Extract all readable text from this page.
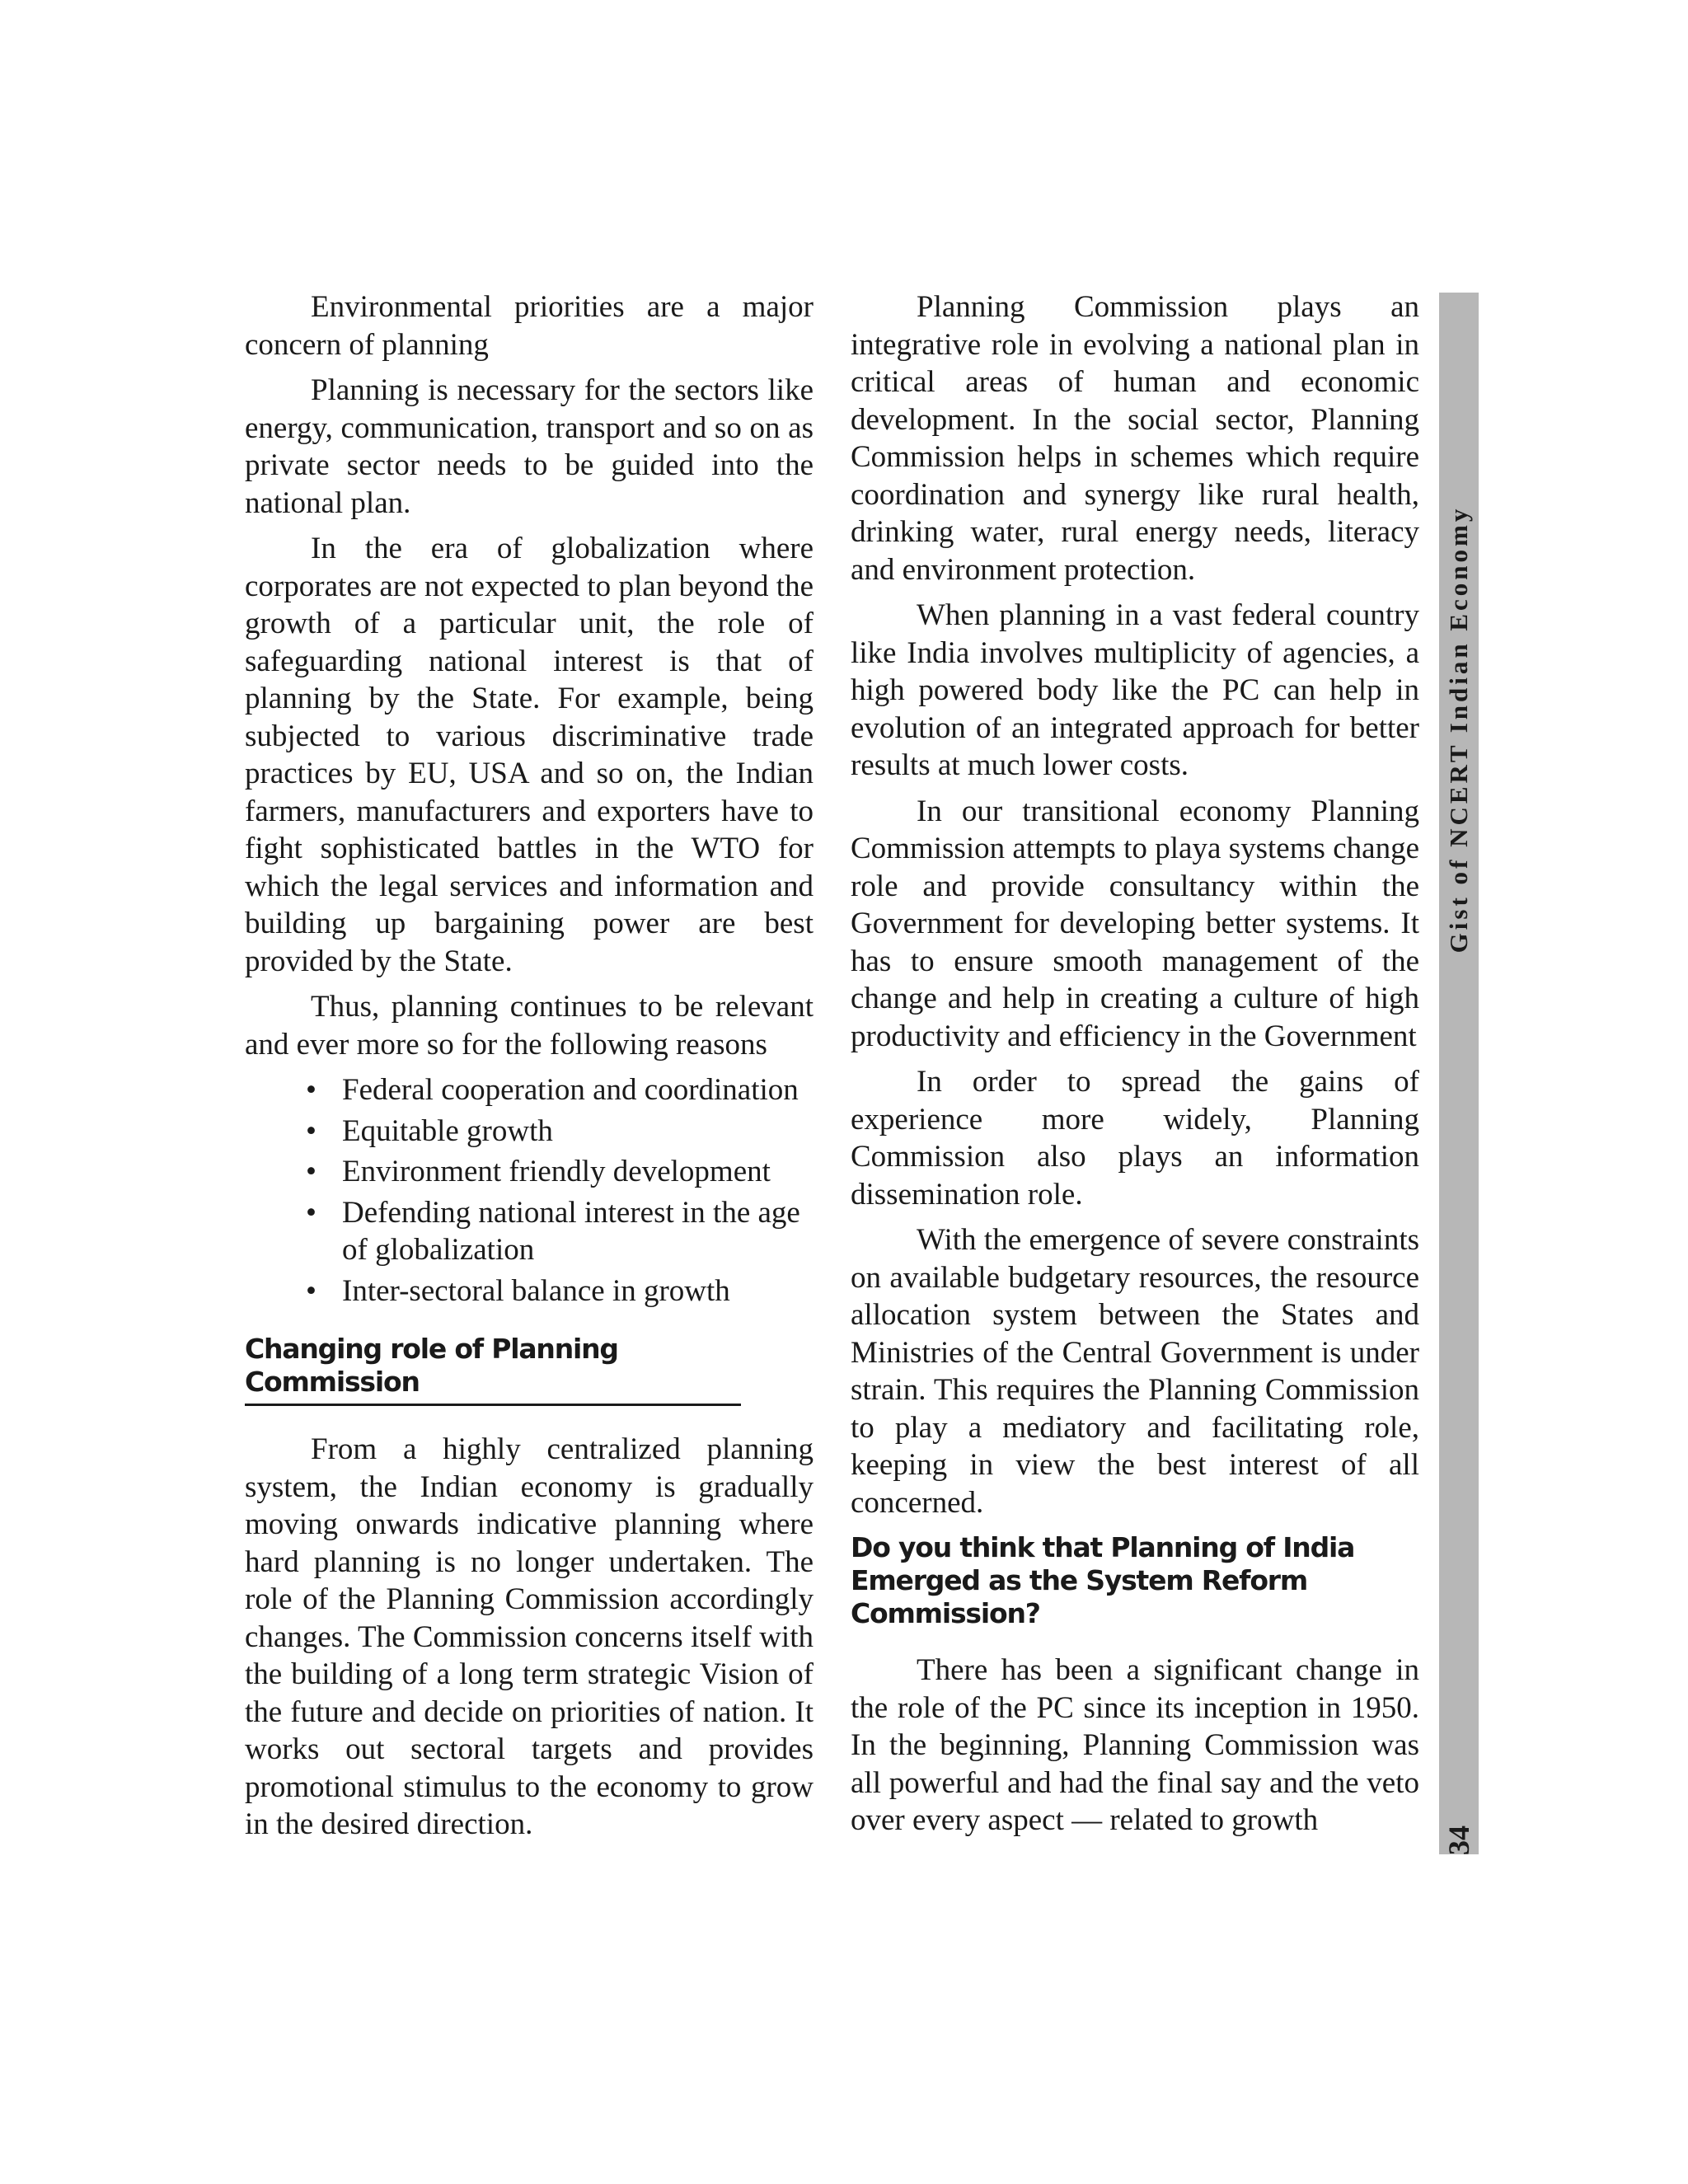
Environmental priorities are a major concern of planning

Planning is necessary for the sectors like energy, communication, transport and so on as private sector needs to be guided into the national plan.

In the era of globalization where corporates are not expected to plan beyond the growth of a particular unit, the role of safeguarding national interest is that of planning by the State. For example, being subjected to various discriminative trade practices by EU, USA and so on, the Indian farmers, manufacturers and exporters have to fight sophisticated battles in the WTO for which the legal services and information and building up bargaining power are best provided by the State.

Thus, planning continues to be relevant and ever more so for the following reasons

• Federal cooperation and coordination
• Equitable growth
• Environment friendly development
• Defending national interest in the age of globalization
• Inter-sectoral balance in growth
Changing role of Planning Commission

From a highly centralized planning system, the Indian economy is gradually moving onwards indicative planning where hard planning is no longer undertaken. The role of the Planning Commission accordingly changes. The Commission concerns itself with the building of a long term strategic Vision of the future and decide on priorities of nation. It works out sectoral targets and provides promotional stimulus to the economy to grow in the desired direction.

Planning Commission plays an integrative role in evolving a national plan in critical areas of human and economic development. In the social sector, Planning Commission helps in schemes which require coordination and synergy like rural health, drinking water, rural energy needs, literacy and environment protection.

When planning in a vast federal country like India involves multiplicity of agencies, a high powered body like the PC can help in evolution of an integrated approach for better results at much lower costs.

In our transitional economy Planning Commission attempts to playa systems change role and provide consultancy within the Government for developing better systems. It has to ensure smooth management of the change and help in creating a culture of high productivity and efficiency in the Government

In order to spread the gains of experience more widely, Planning Commission also plays an information dissemination role.

With the emergence of severe constraints on available budgetary resources, the resource allocation system between the States and Ministries of the Central Government is under strain. This requires the Planning Commission to play a mediatory and facilitating role, keeping in view the best interest of all concerned.

Do you think that Planning of India Emerged as the System Reform Commission?

There has been a significant change in the role of the PC since its inception in 1950. In the beginning, Planning Commission was all powerful and had the final say and the veto over every aspect — related to growth

Gist of NCERT Indian Economy
34
